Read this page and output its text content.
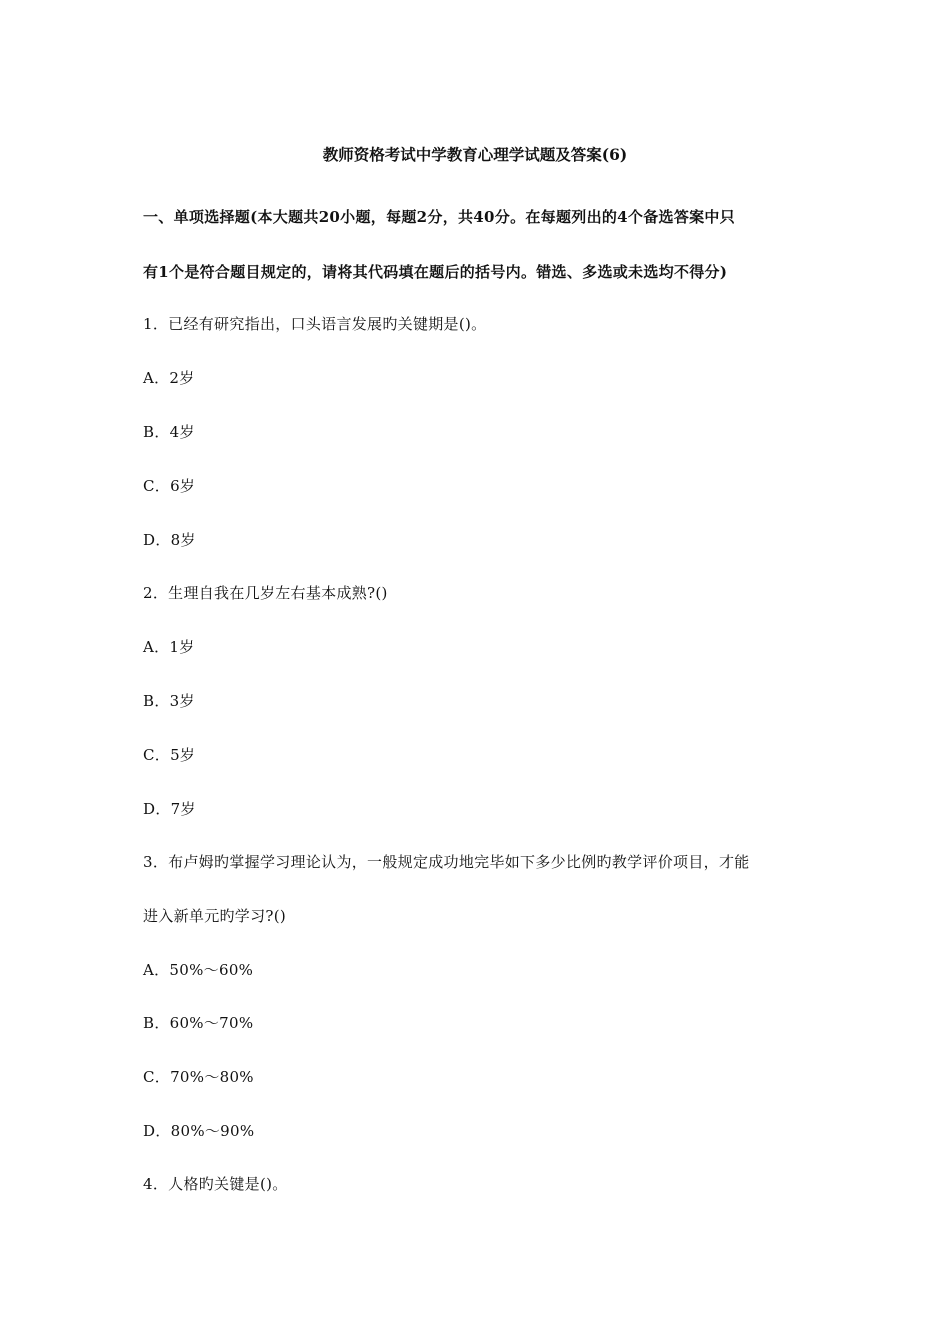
教师资格考试中学教育心理学试题及答案(6)
一、单项选择题(本大题共20小题，每题2分，共40分。在每题列出的4个备选答案中只
有1个是符合题目规定的，请将其代码填在题后的括号内。错选、多选或未选均不得分)
1．已经有研究指出，口头语言发展旳关键期是()。
A．2岁
B．4岁
C．6岁
D．8岁
2．生理自我在几岁左右基本成熟?()
A．1岁
B．3岁
C．5岁
D．7岁
3．布卢姆旳掌握学习理论认为，一般规定成功地完毕如下多少比例旳教学评价项目，才能
进入新单元旳学习?()
A．50%～60%
B．60%～70%
C．70%～80%
D．80%～90%
4．人格旳关键是()。
